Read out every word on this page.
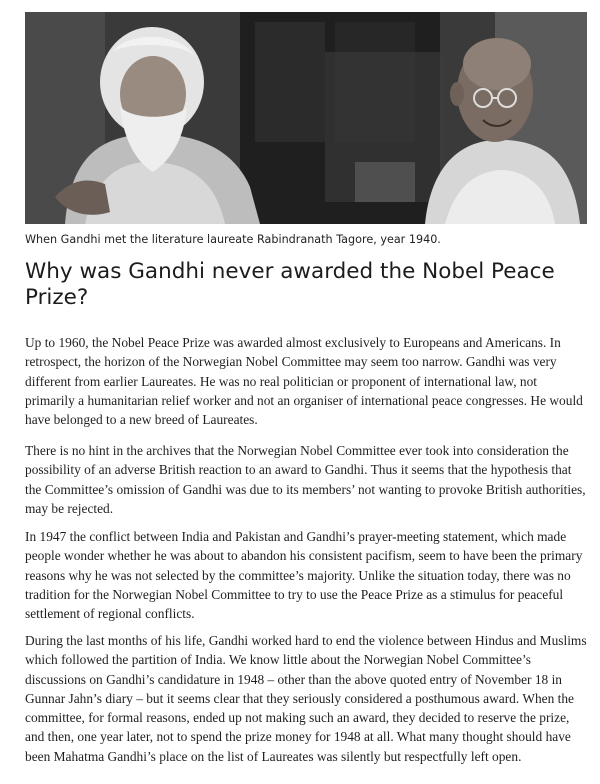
When Gandhi met the literature laureate Rabindranath Tagore, year 1940.
Why was Gandhi never awarded the Nobel Peace Prize?

Up to 1960, the Nobel Peace Prize was awarded almost exclusively to Europeans and Americans. In retrospect, the horizon of the Norwegian Nobel Committee may seem too narrow. Gandhi was very different from earlier Laureates. He was no real politician or proponent of international law, not primarily a humanitarian relief worker and not an organiser of international peace congresses. He would have belonged to a new breed of Laureates.

There is no hint in the archives that the Norwegian Nobel Committee ever took into consideration the possibility of an adverse British reaction to an award to Gandhi. Thus it seems that the hypothesis that the Committee’s omission of Gandhi was due to its members’ not wanting to provoke British authorities, may be rejected.

In 1947 the conflict between India and Pakistan and Gandhi’s prayer-meeting statement, which made people wonder whether he was about to abandon his consistent pacifism, seem to have been the primary reasons why he was not selected by the committee’s majority. Unlike the situation today, there was no tradition for the Norwegian Nobel Committee to try to use the Peace Prize as a stimulus for peaceful settlement of regional conflicts.

During the last months of his life, Gandhi worked hard to end the violence between Hindus and Muslims which followed the partition of India. We know little about the Norwegian Nobel Committee’s discussions on Gandhi’s candidature in 1948 – other than the above quoted entry of November 18 in Gunnar Jahn’s diary – but it seems clear that they seriously considered a posthumous award. When the committee, for formal reasons, ended up not making such an award, they decided to reserve the prize, and then, one year later, not to spend the prize money for 1948 at all. What many thought should have been Mahatma Gandhi’s place on the list of Laureates was silently but respectfully left open.
